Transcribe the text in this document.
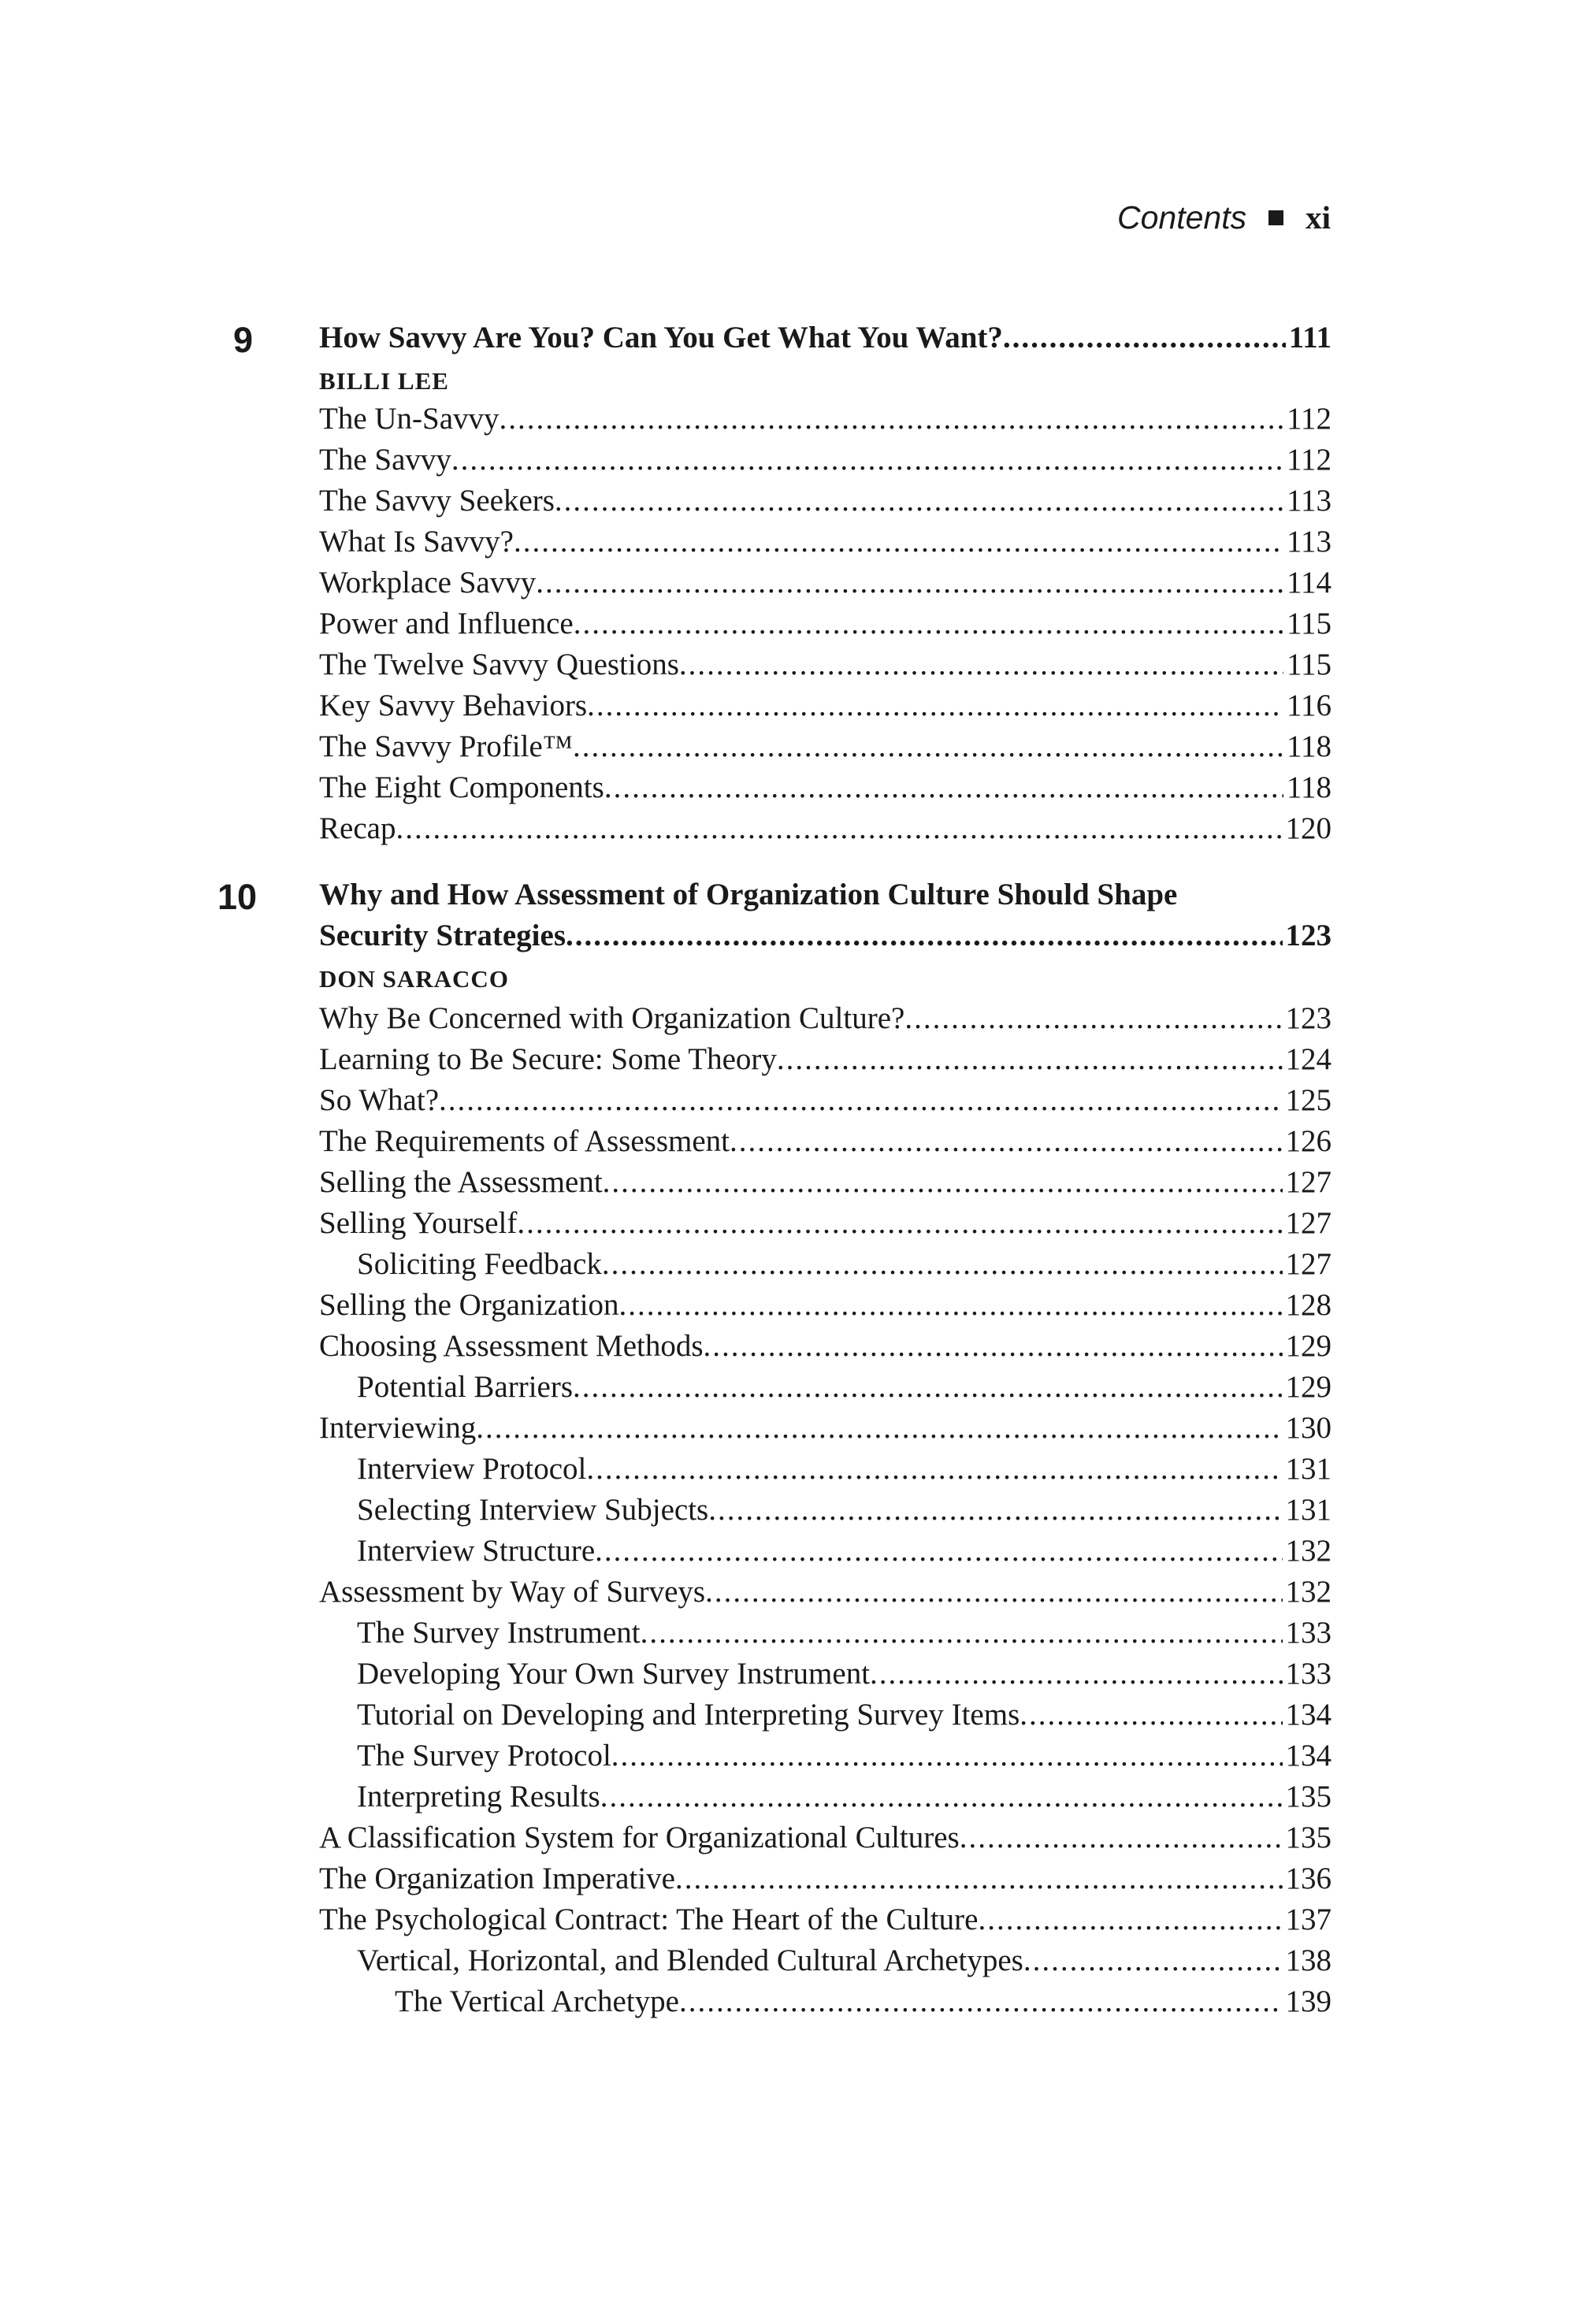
Contents xi
9 How Savvy Are You? Can You Get What You Want? .....	111
BILLI LEE
The Un-Savvy .....	112
The Savvy .....	112
The Savvy Seekers .....	113
What Is Savvy? .....	113
Workplace Savvy .....	114
Power and Influence .....	115
The Twelve Savvy Questions .....	115
Key Savvy Behaviors .....	116
The Savvy Profile™ .....	118
The Eight Components .....	118
Recap .....	120
10 Why and How Assessment of Organization Culture Should Shape
Security Strategies .....	123
DON SARACCO
Why Be Concerned with Organization Culture? .....	123
Learning to Be Secure: Some Theory .....	124
So What? .....	125
The Requirements of Assessment .....	126
Selling the Assessment .....	127
Selling Yourself .....	127
Soliciting Feedback .....	127
Selling the Organization .....	128
Choosing Assessment Methods .....	129
Potential Barriers .....	129
Interviewing .....	130
Interview Protocol .....	131
Selecting Interview Subjects .....	131
Interview Structure .....	132
Assessment by Way of Surveys .....	132
The Survey Instrument .....	133
Developing Your Own Survey Instrument .....	133
Tutorial on Developing and Interpreting Survey Items .....	134
The Survey Protocol .....	134
Interpreting Results .....	135
A Classification System for Organizational Cultures .....	135
The Organization Imperative .....	136
The Psychological Contract: The Heart of the Culture .....	137
Vertical, Horizontal, and Blended Cultural Archetypes .....	138
The Vertical Archetype .....	139
